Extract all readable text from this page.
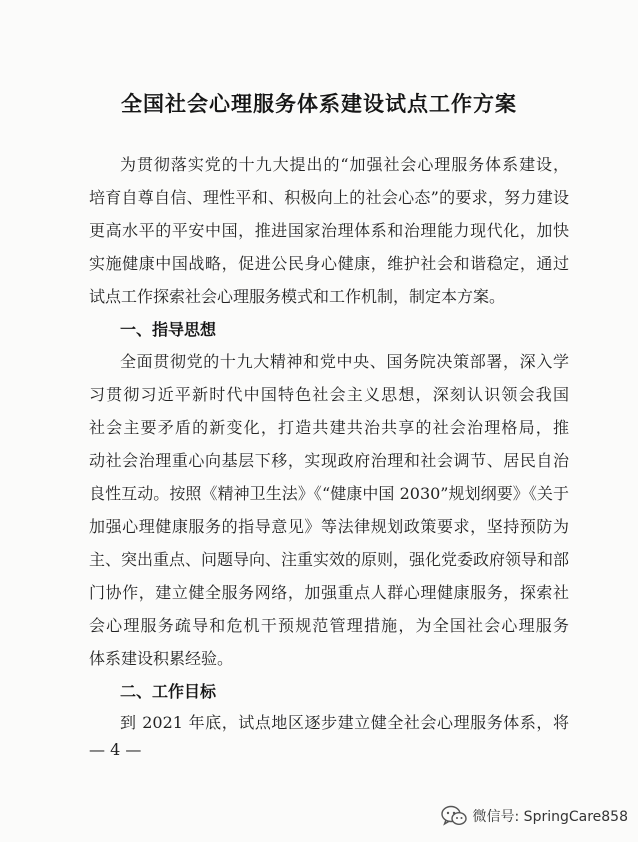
全国社会心理服务体系建设试点工作方案
为贯彻落实党的十九大提出的“加强社会心理服务体系建设，
培育自尊自信、理性平和、积极向上的社会心态”的要求，努力建设
更高水平的平安中国，推进国家治理体系和治理能力现代化，加快
实施健康中国战略，促进公民身心健康，维护社会和谐稳定，通过
试点工作探索社会心理服务模式和工作机制，制定本方案。
一、指导思想
全面贯彻党的十九大精神和党中央、国务院决策部署，深入学
习贯彻习近平新时代中国特色社会主义思想，深刻认识领会我国
社会主要矛盾的新变化，打造共建共治共享的社会治理格局，推
动社会治理重心向基层下移，实现政府治理和社会调节、居民自治
良性互动。按照《精神卫生法》《“健康中国 2030”规划纲要》《关于
加强心理健康服务的指导意见》等法律规划政策要求，坚持预防为
主、突出重点、问题导向、注重实效的原则，强化党委政府领导和部
门协作，建立健全服务网络，加强重点人群心理健康服务，探索社
会心理服务疏导和危机干预规范管理措施，为全国社会心理服务
体系建设积累经验。
二、工作目标
到 2021 年底，试点地区逐步建立健全社会心理服务体系，将
— 4 —
微信号: SpringCare858
